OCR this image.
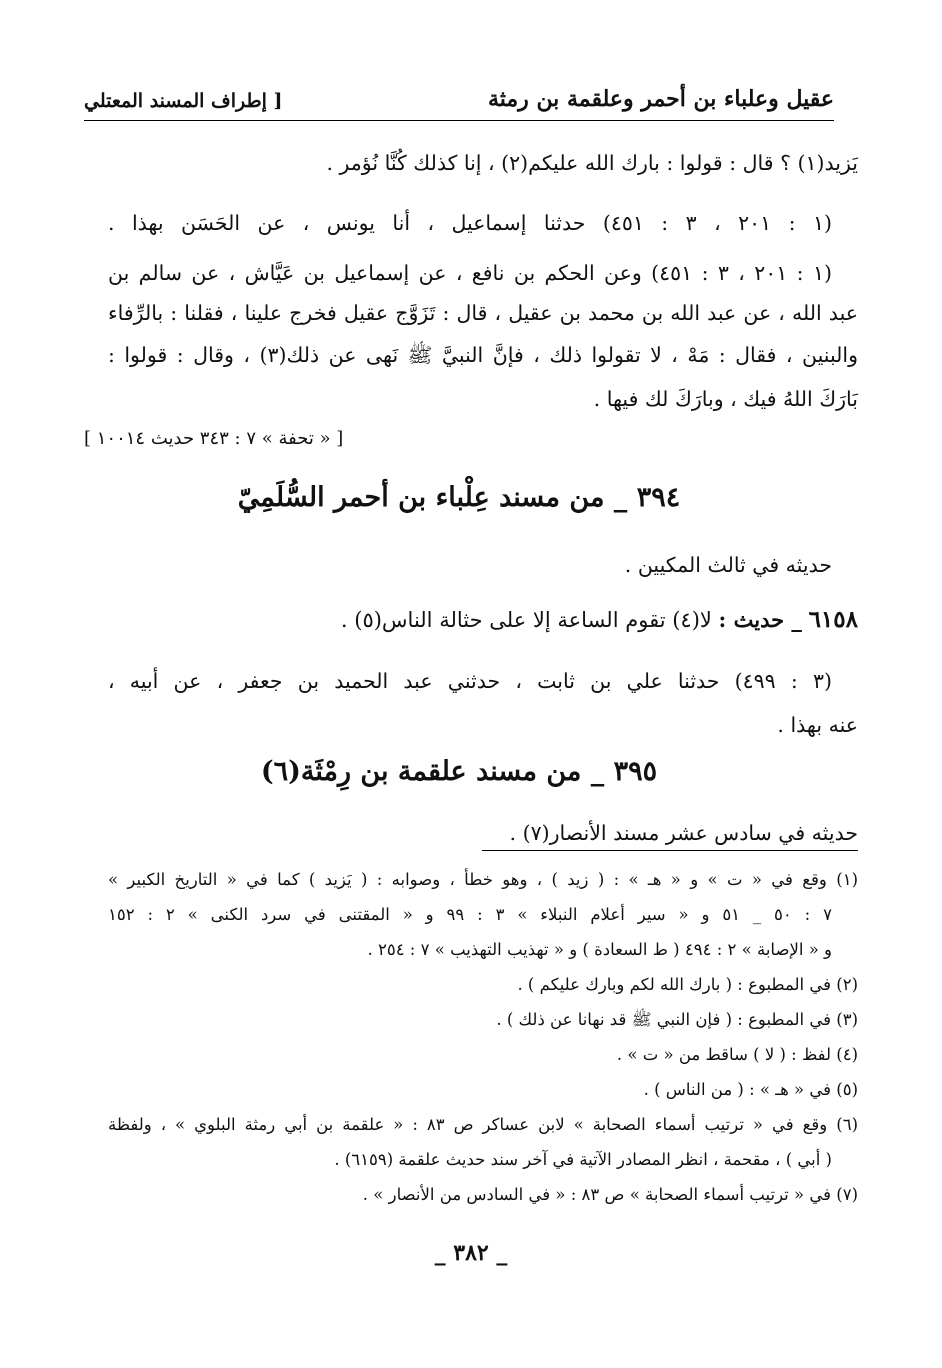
عقيل وعلباء بن أحمر وعلقمة بن رمثة
[ إطراف المسند المعتلي
يَزيد(١) ؟ قال : قولوا : بارك الله عليكم(٢) ، إنا كذلك كُنَّا نُؤمر .
(١ : ٢٠١ ، ٣ : ٤٥١) حدثنا إسماعيل ، أنا يونس ، عن الحَسَن بهذا .
(١ : ٢٠١ ، ٣ : ٤٥١) وعن الحكم بن نافع ، عن إسماعيل بن عَيَّاش ، عن سالم بن
عبد الله ، عن عبد الله بن محمد بن عقيل ، قال : تَزَوَّج عقيل فخرج علينا ، فقلنا : بالرِّفاء
والبنين ، فقال : مَهْ ، لا تقولوا ذلك ، فإنَّ النبيَّ ﷺ نَهى عن ذلك(٣) ، وقال : قولوا :
بَارَكَ اللهُ فيك ، وبارَكَ لك فيها .
[ « تحفة » ٧ : ٣٤٣ حديث ١٠٠١٤ ]
٣٩٤ _ من مسند عِلْباء بن أحمر السُّلَمِيّ
حديثه في ثالث المكيين .
٦١٥٨ _ حديث : لا(٤) تقوم الساعة إلا على حثالة الناس(٥) .
(٣ : ٤٩٩) حدثنا علي بن ثابت ، حدثني عبد الحميد بن جعفر ، عن أبيه ،
عنه بهذا .
٣٩٥ _ من مسند علقمة بن رِمْثَة(٦)
حديثه في سادس عشر مسند الأنصار(٧) .
(١) وقع في « ت » و « هـ » : ( زيد ) ، وهو خطأ ، وصوابه : ( يَزيد ) كما في « التاريخ الكبير »
٧ : ٥٠ _ ٥١ و « سير أعلام النبلاء » ٣ : ٩٩ و « المقتنى في سرد الكنى » ٢ : ١٥٢
و « الإصابة » ٢ : ٤٩٤ ( ط السعادة ) و « تهذيب التهذيب » ٧ : ٢٥٤ .
(٢) في المطبوع : ( بارك الله لكم وبارك عليكم ) .
(٣) في المطبوع : ( فإن النبي ﷺ قد نهانا عن ذلك ) .
(٤) لفظ : ( لا ) ساقط من « ت » .
(٥) في « هـ » : ( من الناس ) .
(٦) وقع في « ترتيب أسماء الصحابة » لابن عساكر ص ٨٣ : « علقمة بن أبي رمثة البلوي » ، ولفظة
( أبي ) ، مقحمة ، انظر المصادر الآتية في آخر سند حديث علقمة (٦١٥٩) .
(٧) في « ترتيب أسماء الصحابة » ص ٨٣ : « في السادس من الأنصار » .
_ ٣٨٢ _
